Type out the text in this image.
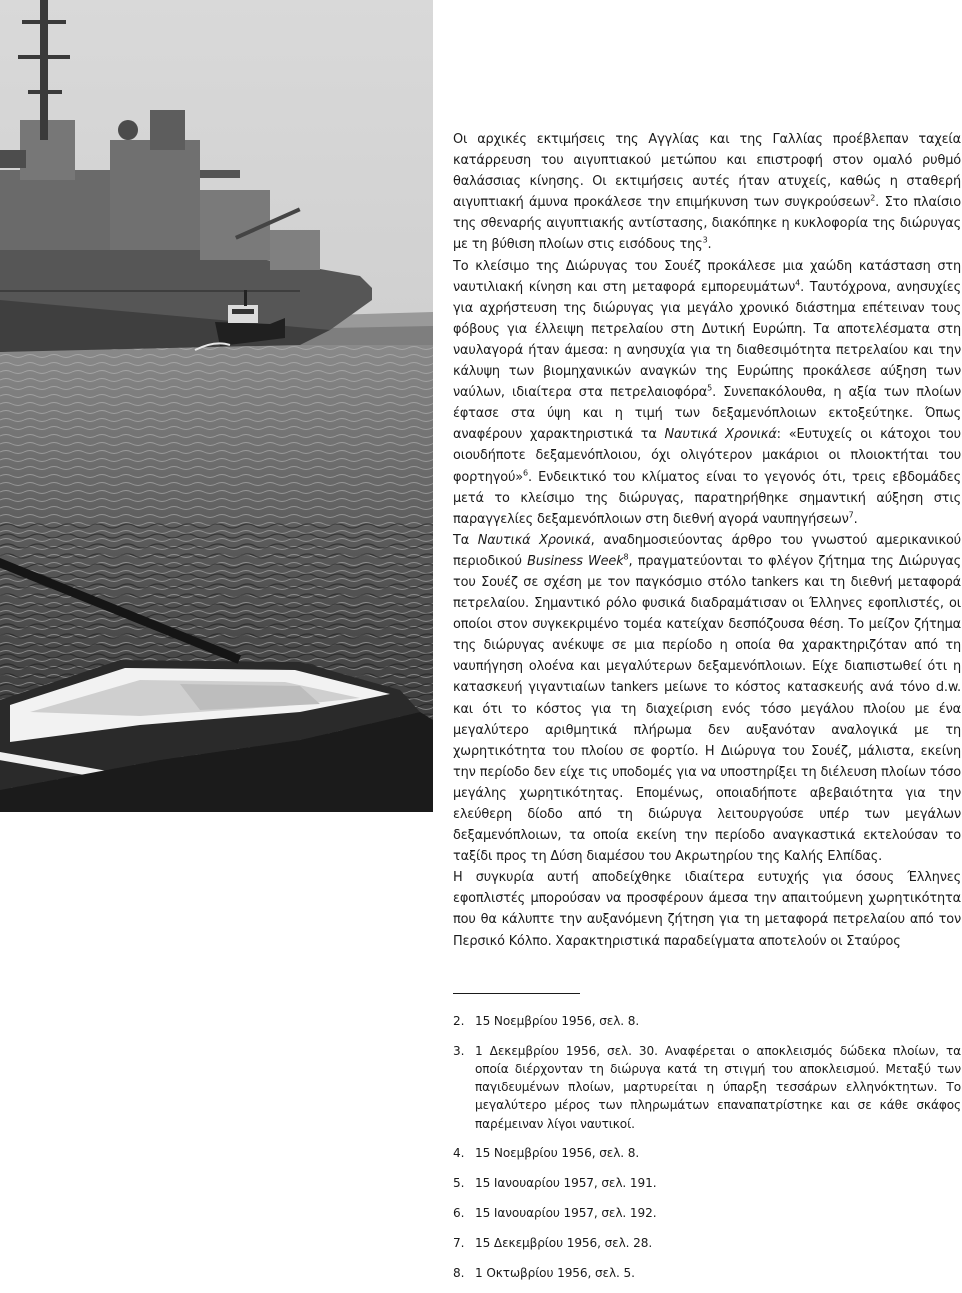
Οι αρχικές εκτιμήσεις της Αγγλίας και της Γαλλίας προέβλεπαν ταχεία κατάρρευση του αιγυπτιακού μετώπου και επιστροφή στον ομαλό ρυθμό θαλάσσιας κίνησης. Οι εκτιμήσεις αυτές ήταν ατυχείς, καθώς η σταθερή αιγυπτιακή άμυνα προκάλεσε την επιμήκυνση των συγκρούσεων$^2$. Στο πλαίσιο της σθεναρής αιγυπτιακής αντίστασης, διακόπηκε η κυκλοφορία της διώρυγας με τη βύθιση πλοίων στις εισόδους της$^3$.

Το κλείσιμο της Διώρυγας του Σουέζ προκάλεσε μια χαώδη κατάσταση στη ναυτιλιακή κίνηση και στη μεταφορά εμπορευμάτων$^4$. Ταυτόχρονα, ανησυχίες για αχρήστευση της διώρυγας για μεγάλο χρονικό διάστημα επέτειναν τους φόβους για έλλειψη πετρελαίου στη Δυτική Ευρώπη. Τα αποτελέσματα στη ναυλαγορά ήταν άμεσα: η ανησυχία για τη διαθεσιμότητα πετρελαίου και την κάλυψη των βιομηχανικών αναγκών της Ευρώπης προκάλεσε αύξηση των ναύλων, ιδιαίτερα στα πετρελαιοφόρα$^5$. Συνεπακόλουθα, η αξία των πλοίων έφτασε στα ύψη και η τιμή των δεξαμενόπλοιων εκτοξεύτηκε. Όπως αναφέρουν χαρακτηριστικά τα Ναυτικά Χρονικά: «Ευτυχείς οι κάτοχοι του οιουδήποτε δεξαμενόπλοιου, όχι ολιγότερον μακάριοι οι πλοιοκτήται του φορτηγού»$^6$. Ενδεικτικό του κλίματος είναι το γεγονός ότι, τρεις εβδομάδες μετά το κλείσιμο της διώρυγας, παρατηρήθηκε σημαντική αύξηση στις παραγγελίες δεξαμενόπλοιων στη διεθνή αγορά ναυπηγήσεων$^7$.

Τα Ναυτικά Χρονικά, αναδημοσιεύοντας άρθρο του γνωστού αμερικανικού περιοδικού Business Week$^8$, πραγματεύονται το φλέγον ζήτημα της Διώρυγας του Σουέζ σε σχέση με τον παγκόσμιο στόλο tankers και τη διεθνή μεταφορά πετρελαίου. Σημαντικό ρόλο φυσικά διαδραμάτισαν οι Έλληνες εφοπλιστές, οι οποίοι στον συγκεκριμένο τομέα κατείχαν δεσπόζουσα θέση. Το μείζον ζήτημα της διώρυγας ανέκυψε σε μια περίοδο η οποία θα χαρακτηριζόταν από τη ναυπήγηση ολοένα και μεγαλύτερων δεξαμενόπλοιων. Είχε διαπιστωθεί ότι η κατασκευή γιγαντιαίων tankers μείωνε το κόστος κατασκευής ανά τόνο d.w. και ότι το κόστος για τη διαχείριση ενός τόσο μεγάλου πλοίου με ένα μεγαλύτερο αριθμητικά πλήρωμα δεν αυξανόταν αναλογικά με τη χωρητικότητα του πλοίου σε φορτίο. Η Διώρυγα του Σουέζ, μάλιστα, εκείνη την περίοδο δεν είχε τις υποδομές για να υποστηρίξει τη διέλευση πλοίων τόσο μεγάλης χωρητικότητας. Επομένως, οποιαδήποτε αβεβαιότητα για την ελεύθερη δίοδο από τη διώρυγα λειτουργούσε υπέρ των μεγάλων δεξαμενόπλοιων, τα οποία εκείνη την περίοδο αναγκαστικά εκτελούσαν το ταξίδι προς τη Δύση διαμέσου του Ακρωτηρίου της Καλής Ελπίδας.

Η συγκυρία αυτή αποδείχθηκε ιδιαίτερα ευτυχής για όσους Έλληνες εφοπλιστές μπορούσαν να προσφέρουν άμεσα την απαιτούμενη χωρητικότητα που θα κάλυπτε την αυξανόμενη ζήτηση για τη μεταφορά πετρελαίου από τον Περσικό Κόλπο. Χαρακτηριστικά παραδείγματα αποτελούν οι Σταύρος

2. 15 Νοεμβρίου 1956, σελ. 8.
3. 1 Δεκεμβρίου 1956, σελ. 30. Αναφέρεται ο αποκλεισμός δώδεκα πλοίων, τα οποία διέρχονταν τη διώρυγα κατά τη στιγμή του αποκλεισμού. Μεταξύ των παγιδευμένων πλοίων, μαρτυρείται η ύπαρξη τεσσάρων ελληνόκτητων. Το μεγαλύτερο μέρος των πληρωμάτων επαναπατρίστηκε και σε κάθε σκάφος παρέμειναν λίγοι ναυτικοί.
4. 15 Νοεμβρίου 1956, σελ. 8.
5. 15 Ιανουαρίου 1957, σελ. 191.
6. 15 Ιανουαρίου 1957, σελ. 192.
7. 15 Δεκεμβρίου 1956, σελ. 28.
8. 1 Οκτωβρίου 1956, σελ. 5.
